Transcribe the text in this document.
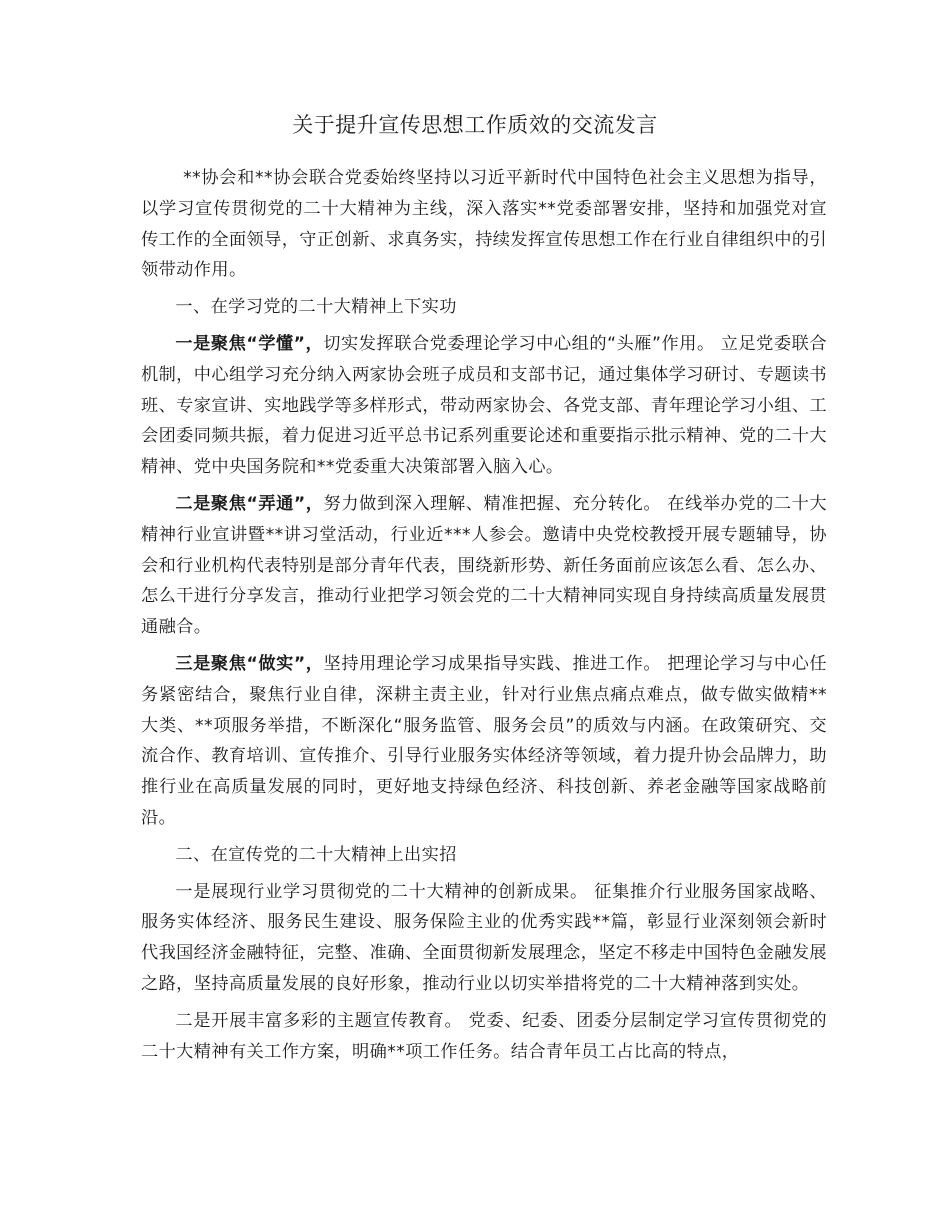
关于提升宣传思想工作质效的交流发言

**协会和**协会联合党委始终坚持以习近平新时代中国特色社会主义思想为指导，以学习宣传贯彻党的二十大精神为主线，深入落实**党委部署安排，坚持和加强党对宣传工作的全面领导，守正创新、求真务实，持续发挥宣传思想工作在行业自律组织中的引领带动作用。

一、在学习党的二十大精神上下实功

一是聚焦“学懂”，切实发挥联合党委理论学习中心组的“头雁”作用。 立足党委联合机制，中心组学习充分纳入两家协会班子成员和支部书记，通过集体学习研讨、专题读书班、专家宣讲、实地践学等多样形式，带动两家协会、各党支部、青年理论学习小组、工会团委同频共振，着力促进习近平总书记系列重要论述和重要指示批示精神、党的二十大精神、党中央国务院和**党委重大决策部署入脑入心。

二是聚焦“弄通”，努力做到深入理解、精准把握、充分转化。 在线举办党的二十大精神行业宣讲暨**讲习堂活动，行业近***人参会。邀请中央党校教授开展专题辅导，协会和行业机构代表特别是部分青年代表，围绕新形势、新任务面前应该怎么看、怎么办、怎么干进行分享发言，推动行业把学习领会党的二十大精神同实现自身持续高质量发展贯通融合。

三是聚焦“做实”，坚持用理论学习成果指导实践、推进工作。 把理论学习与中心任务紧密结合，聚焦行业自律，深耕主责主业，针对行业焦点痛点难点，做专做实做精**大类、**项服务举措，不断深化“服务监管、服务会员”的质效与内涵。在政策研究、交流合作、教育培训、宣传推介、引导行业服务实体经济等领域，着力提升协会品牌力，助推行业在高质量发展的同时，更好地支持绿色经济、科技创新、养老金融等国家战略前沿。

二、在宣传党的二十大精神上出实招

一是展现行业学习贯彻党的二十大精神的创新成果。 征集推介行业服务国家战略、服务实体经济、服务民生建设、服务保险主业的优秀实践**篇，彰显行业深刻领会新时代我国经济金融特征，完整、准确、全面贯彻新发展理念，坚定不移走中国特色金融发展之路，坚持高质量发展的良好形象，推动行业以切实举措将党的二十大精神落到实处。

二是开展丰富多彩的主题宣传教育。 党委、纪委、团委分层制定学习宣传贯彻党的二十大精神有关工作方案，明确**项工作任务。结合青年员工占比高的特点，
